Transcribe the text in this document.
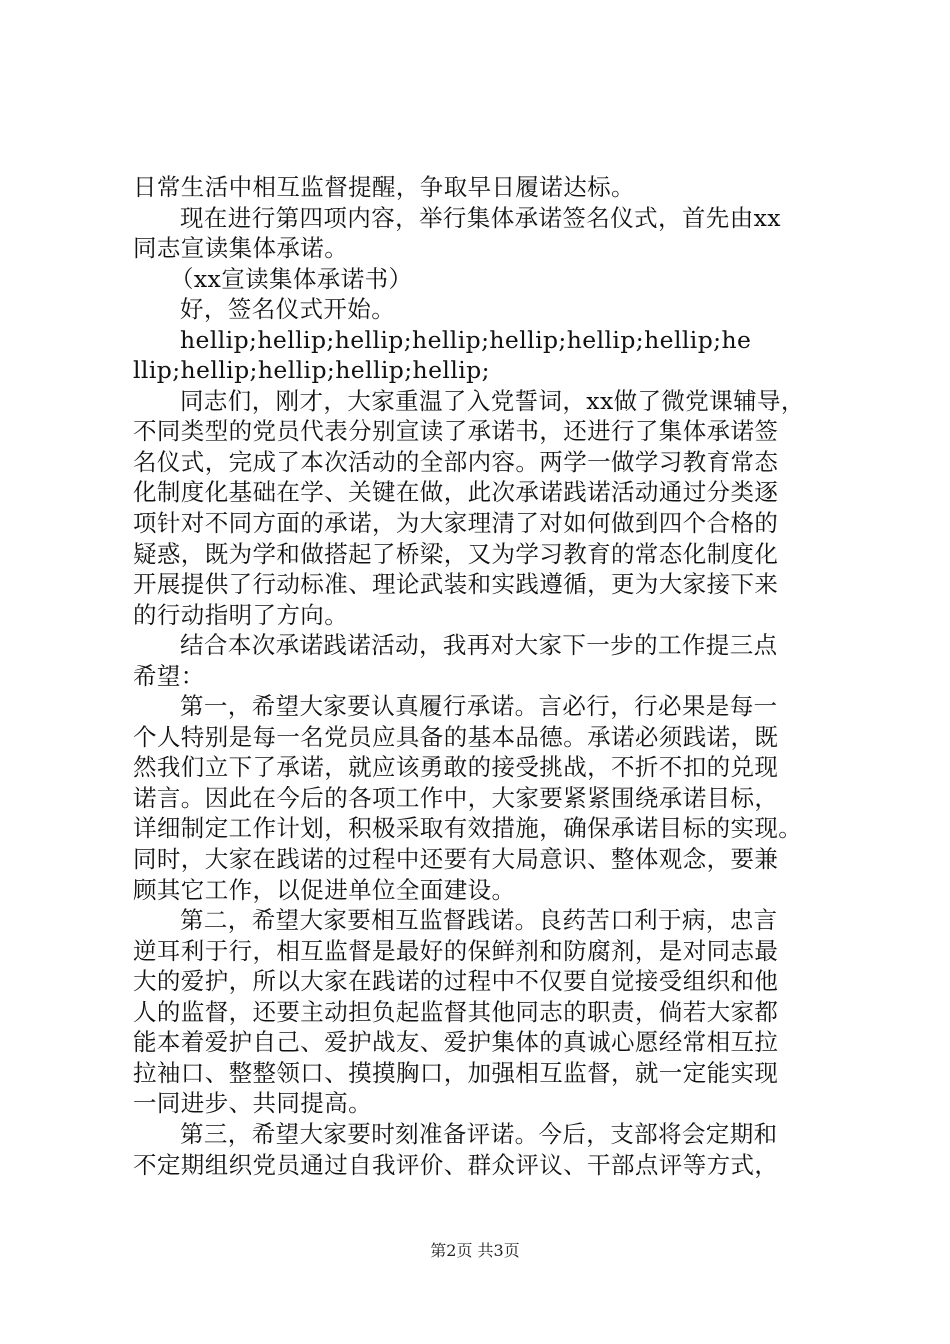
日常生活中相互监督提醒，争取早日履诺达标。
现在进行第四项内容，举行集体承诺签名仪式，首先由xx
同志宣读集体承诺。
（xx宣读集体承诺书）
好，签名仪式开始。
hellip;hellip;hellip;hellip;hellip;hellip;hellip;he
llip;hellip;hellip;hellip;hellip;
同志们，刚才，大家重温了入党誓词，xx做了微党课辅导，
不同类型的党员代表分别宣读了承诺书，还进行了集体承诺签
名仪式，完成了本次活动的全部内容。两学一做学习教育常态
化制度化基础在学、关键在做，此次承诺践诺活动通过分类逐
项针对不同方面的承诺，为大家理清了对如何做到四个合格的
疑惑，既为学和做搭起了桥梁，又为学习教育的常态化制度化
开展提供了行动标准、理论武装和实践遵循，更为大家接下来
的行动指明了方向。
结合本次承诺践诺活动，我再对大家下一步的工作提三点
希望：
第一，希望大家要认真履行承诺。言必行，行必果是每一
个人特别是每一名党员应具备的基本品德。承诺必须践诺，既
然我们立下了承诺，就应该勇敢的接受挑战，不折不扣的兑现
诺言。因此在今后的各项工作中，大家要紧紧围绕承诺目标，
详细制定工作计划，积极采取有效措施，确保承诺目标的实现。
同时，大家在践诺的过程中还要有大局意识、整体观念，要兼
顾其它工作，以促进单位全面建设。
第二，希望大家要相互监督践诺。良药苦口利于病，忠言
逆耳利于行，相互监督是最好的保鲜剂和防腐剂，是对同志最
大的爱护，所以大家在践诺的过程中不仅要自觉接受组织和他
人的监督，还要主动担负起监督其他同志的职责，倘若大家都
能本着爱护自己、爱护战友、爱护集体的真诚心愿经常相互拉
拉袖口、整整领口、摸摸胸口，加强相互监督，就一定能实现
一同进步、共同提高。
第三，希望大家要时刻准备评诺。今后，支部将会定期和
不定期组织党员通过自我评价、群众评议、干部点评等方式，
第2页 共3页
